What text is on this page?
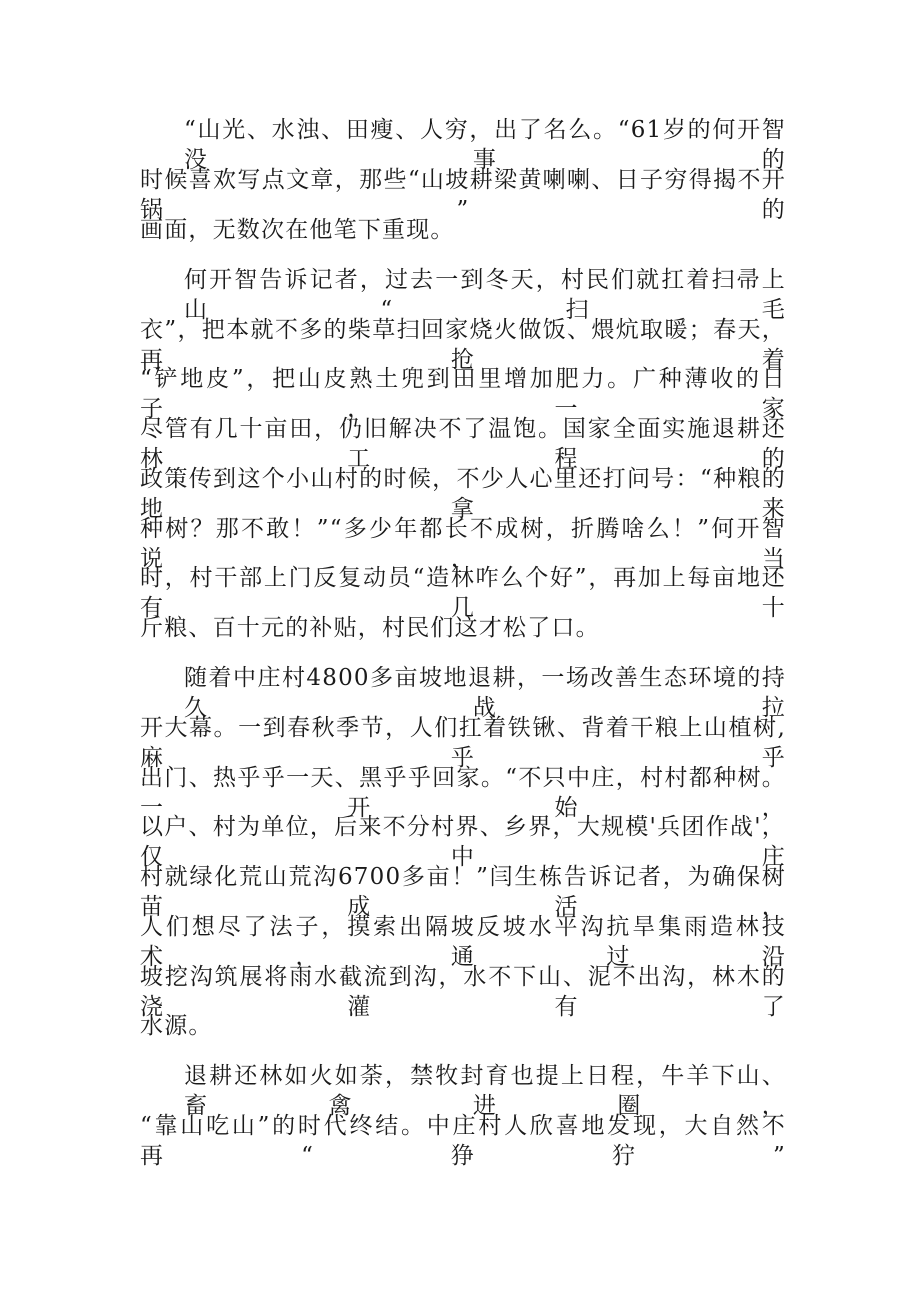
“山光、水浊、田瘦、人穷，出了名么。“61岁的何开智没事的

时候喜欢写点文章，那些“山坡耕梁黄喇喇、日子穷得揭不开锅”的

画面，无数次在他笔下重现。

何开智告诉记者，过去一到冬天，村民们就扛着扫帚上山“扫毛

衣”，把本就不多的柴草扫回家烧火做饭、煨炕取暖；春天，再抢着

“铲地皮”，把山皮熟土兜到田里增加肥力。广种薄收的日子，一家

尽管有几十亩田，仍旧解决不了温饱。国家全面实施退耕还林工程的

政策传到这个小山村的时候，不少人心里还打问号：“种粮的地拿来

种树？那不敢！”“多少年都长不成树，折腾啥么！”何开智说，当

时，村干部上门反复动员“造林咋么个好”，再加上每亩地还有几十

斤粮、百十元的补贴，村民们这才松了口。

随着中庄村4800多亩坡地退耕，一场改善生态环境的持久战拉

开大幕。一到春秋季节，人们扛着铁锹、背着干粮上山植树,麻乎乎

出门、热乎乎一天、黑乎乎回家。“不只中庄，村村都种树。一开始，

以户、村为单位，后来不分村界、乡界，大规模'兵团作战'，仅中庄

村就绿化荒山荒沟6700多亩！”闫生栋告诉记者，为确保树苗成活，

人们想尽了法子，摸索出隔坡反坡水平沟抗旱集雨造林技术，通过沿

坡挖沟筑展将雨水截流到沟，水不下山、泥不出沟，林木的浇灌有了

水源。

退耕还林如火如荼，禁牧封育也提上日程，牛羊下山、畜禽进圈，

“靠山吃山”的时代终结。中庄村人欣喜地发现，大自然不再“狰狞”
